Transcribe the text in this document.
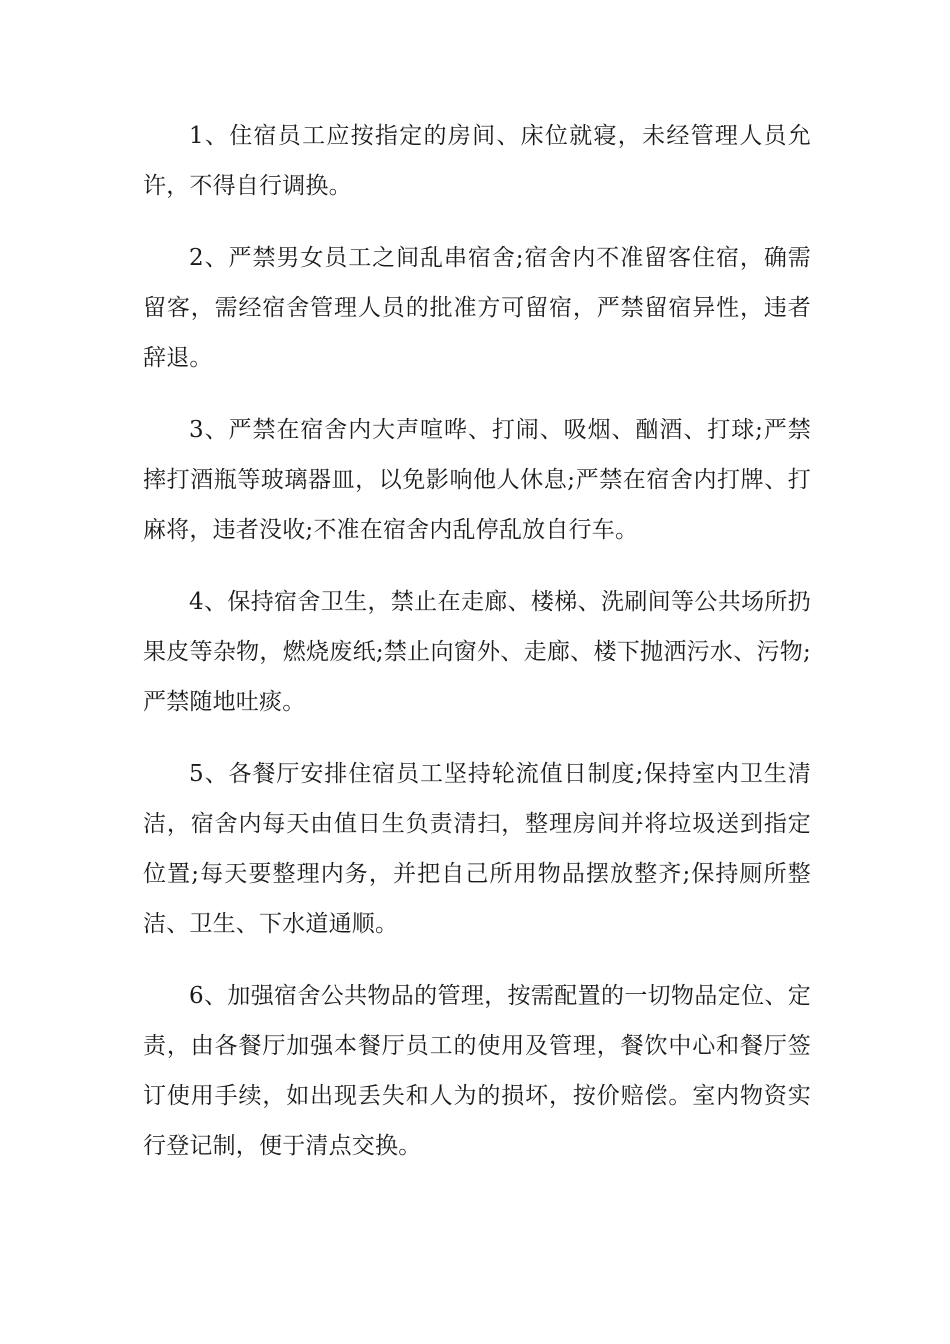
1、住宿员工应按指定的房间、床位就寝，未经管理人员允许，不得自行调换。

2、严禁男女员工之间乱串宿舍;宿舍内不准留客住宿，确需留客，需经宿舍管理人员的批准方可留宿，严禁留宿异性，违者辞退。

3、严禁在宿舍内大声喧哗、打闹、吸烟、酗酒、打球;严禁摔打酒瓶等玻璃器皿，以免影响他人休息;严禁在宿舍内打牌、打麻将，违者没收;不准在宿舍内乱停乱放自行车。

4、保持宿舍卫生，禁止在走廊、楼梯、洗刷间等公共场所扔果皮等杂物，燃烧废纸;禁止向窗外、走廊、楼下抛洒污水、污物;严禁随地吐痰。

5、各餐厅安排住宿员工坚持轮流值日制度;保持室内卫生清洁，宿舍内每天由值日生负责清扫，整理房间并将垃圾送到指定位置;每天要整理内务，并把自己所用物品摆放整齐;保持厕所整洁、卫生、下水道通顺。

6、加强宿舍公共物品的管理，按需配置的一切物品定位、定责，由各餐厅加强本餐厅员工的使用及管理，餐饮中心和餐厅签订使用手续，如出现丢失和人为的损坏，按价赔偿。室内物资实行登记制，便于清点交换。
